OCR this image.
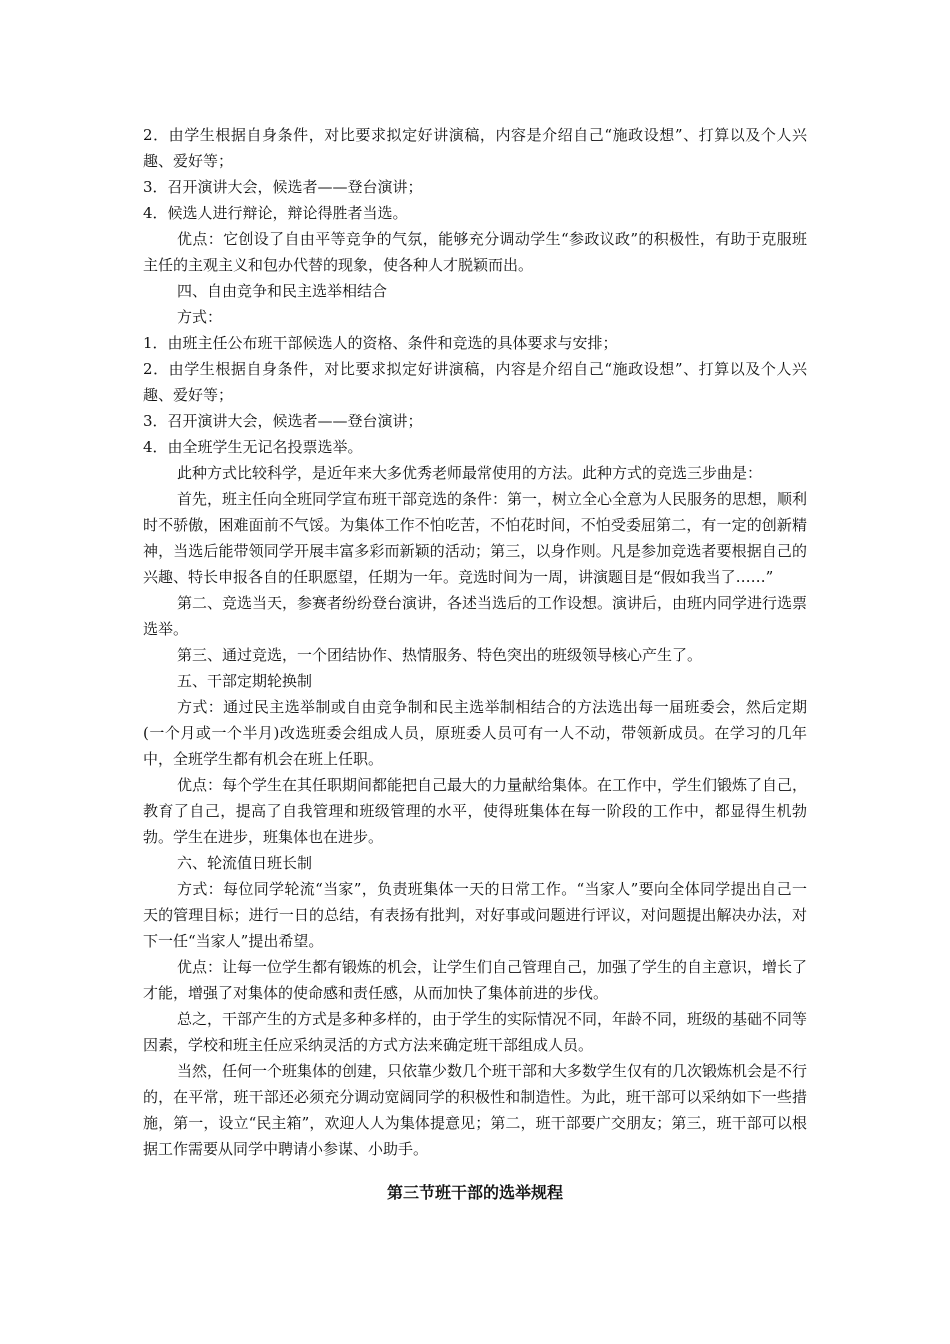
2．由学生根据自身条件，对比要求拟定好讲演稿，内容是介绍自己“施政设想”、打算以及个人兴趣、爱好等；

3．召开演讲大会，候选者——登台演讲；

4．候选人进行辩论，辩论得胜者当选。

优点：它创设了自由平等竞争的气氛，能够充分调动学生“参政议政”的积极性，有助于克服班主任的主观主义和包办代替的现象，使各种人才脱颖而出。

四、自由竞争和民主选举相结合

方式：

1．由班主任公布班干部候选人的资格、条件和竞选的具体要求与安排；

2．由学生根据自身条件，对比要求拟定好讲演稿，内容是介绍自己“施政设想”、打算以及个人兴趣、爱好等；

3．召开演讲大会，候选者——登台演讲；

4．由全班学生无记名投票选举。

此种方式比较科学，是近年来大多优秀老师最常使用的方法。此种方式的竞选三步曲是：

首先，班主任向全班同学宣布班干部竞选的条件：第一，树立全心全意为人民服务的思想，顺利时不骄傲，困难面前不气馁。为集体工作不怕吃苦，不怕花时间，不怕受委屈第二，有一定的创新精神，当选后能带领同学开展丰富多彩而新颖的活动；第三，以身作则。凡是参加竞选者要根据自己的兴趣、特长申报各自的任职愿望，任期为一年。竞选时间为一周，讲演题目是“假如我当了……”

第二、竞选当天，参赛者纷纷登台演讲，各述当选后的工作设想。演讲后，由班内同学进行选票选举。

第三、通过竞选，一个团结协作、热情服务、特色突出的班级领导核心产生了。

五、干部定期轮换制

方式：通过民主选举制或自由竞争制和民主选举制相结合的方法选出每一届班委会，然后定期(一个月或一个半月)改选班委会组成人员，原班委人员可有一人不动，带领新成员。在学习的几年中，全班学生都有机会在班上任职。

优点：每个学生在其任职期间都能把自己最大的力量献给集体。在工作中，学生们锻炼了自己，教育了自己，提高了自我管理和班级管理的水平，使得班集体在每一阶段的工作中，都显得生机勃勃。学生在进步，班集体也在进步。

六、轮流值日班长制

方式：每位同学轮流“当家”，负责班集体一天的日常工作。“当家人”要向全体同学提出自己一天的管理目标；进行一日的总结，有表扬有批判，对好事或问题进行评议，对问题提出解决办法，对下一任“当家人”提出希望。

优点：让每一位学生都有锻炼的机会，让学生们自己管理自己，加强了学生的自主意识，增长了才能，增强了对集体的使命感和责任感，从而加快了集体前进的步伐。

总之，干部产生的方式是多种多样的，由于学生的实际情况不同，年龄不同，班级的基础不同等因素，学校和班主任应采纳灵活的方式方法来确定班干部组成人员。

当然，任何一个班集体的创建，只依靠少数几个班干部和大多数学生仅有的几次锻炼机会是不行的，在平常，班干部还必须充分调动宽阔同学的积极性和制造性。为此，班干部可以采纳如下一些措施，第一，设立“民主箱”，欢迎人人为集体提意见；第二，班干部要广交朋友；第三，班干部可以根据工作需要从同学中聘请小参谋、小助手。

第三节班干部的选举规程
